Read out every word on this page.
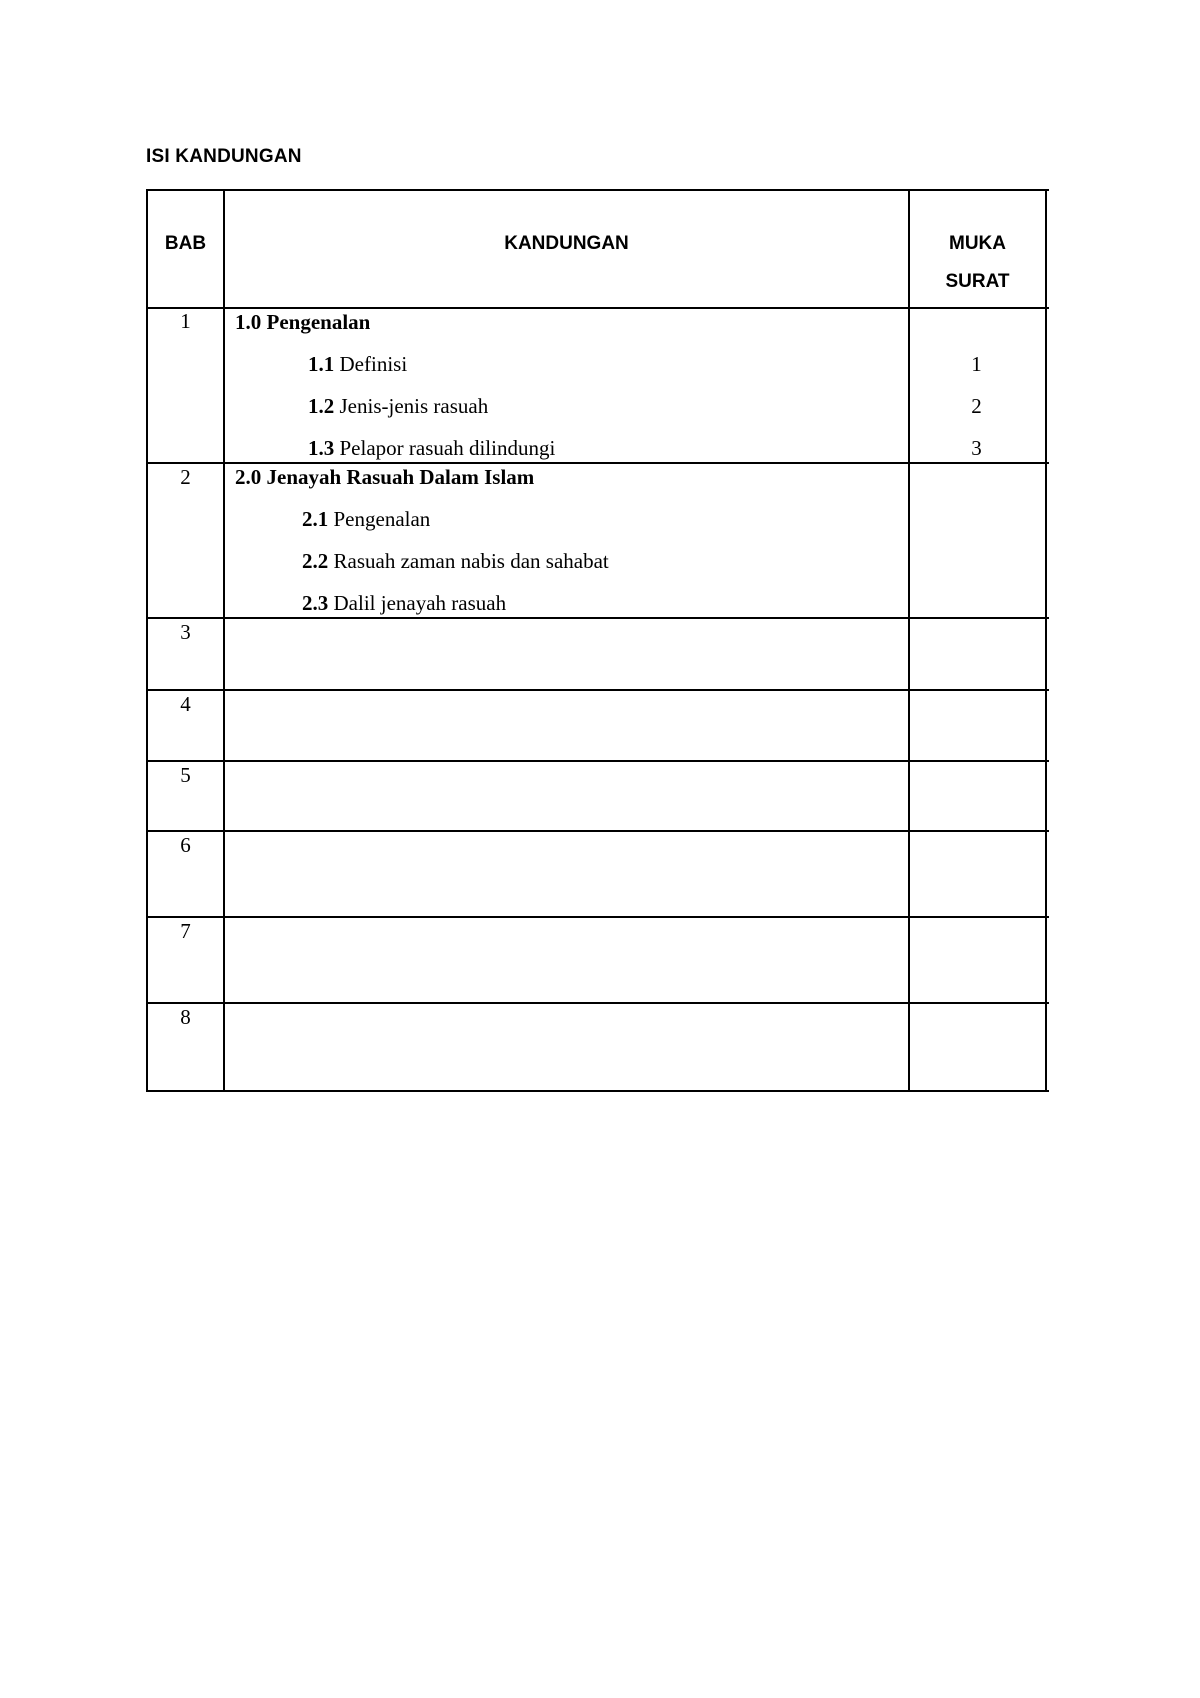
ISI KANDUNGAN
BAB	KANDUNGAN	MUKA
SURAT
1	1.0 Pengenalan
1.1 Definisi	1
1.2 Jenis-jenis rasuah	2
1.3 Pelapor rasuah dilindungi	3
2	2.0 Jenayah Rasuah Dalam Islam
2.1 Pengenalan
2.2 Rasuah zaman nabis dan sahabat
2.3 Dalil jenayah rasuah
3
4
5
6
7
8
